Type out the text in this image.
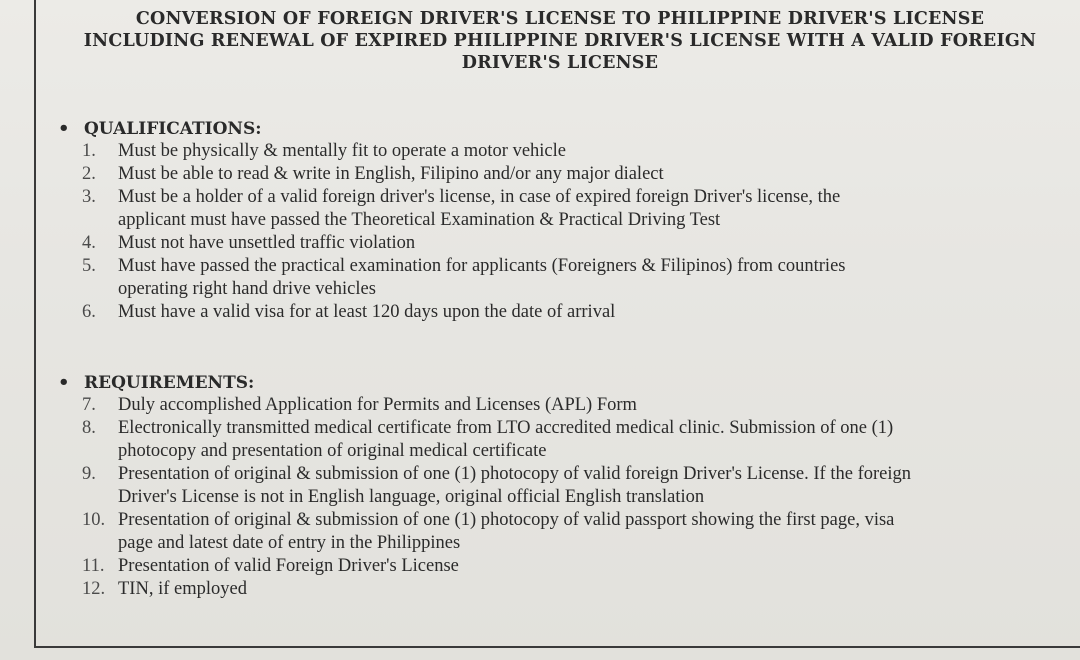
CONVERSION OF FOREIGN DRIVER'S LICENSE TO PHILIPPINE DRIVER'S LICENSE
INCLUDING RENEWAL OF EXPIRED PHILIPPINE DRIVER'S LICENSE WITH A VALID FOREIGN
DRIVER'S LICENSE
• QUALIFICATIONS:
1.	Must be physically & mentally fit to operate a motor vehicle
2.	Must be able to read & write in English, Filipino and/or any major dialect
3.	Must be a holder of a valid foreign driver's license, in case of expired foreign Driver's license, the
applicant must have passed the Theoretical Examination & Practical Driving Test
4.	Must not have unsettled traffic violation
5.	Must have passed the practical examination for applicants (Foreigners & Filipinos) from countries
operating right hand drive vehicles
6.	Must have a valid visa for at least 120 days upon the date of arrival
• REQUIREMENTS:
7.	Duly accomplished Application for Permits and Licenses (APL) Form
8.	Electronically transmitted medical certificate from LTO accredited medical clinic. Submission of one (1)
photocopy and presentation of original medical certificate
9.	Presentation of original & submission of one (1) photocopy of valid foreign Driver's License. If the foreign
Driver's License is not in English language, original official English translation
10. Presentation of original & submission of one (1) photocopy of valid passport showing the first page, visa
page and latest date of entry in the Philippines
11. Presentation of valid Foreign Driver's License
12. TIN, if employed
